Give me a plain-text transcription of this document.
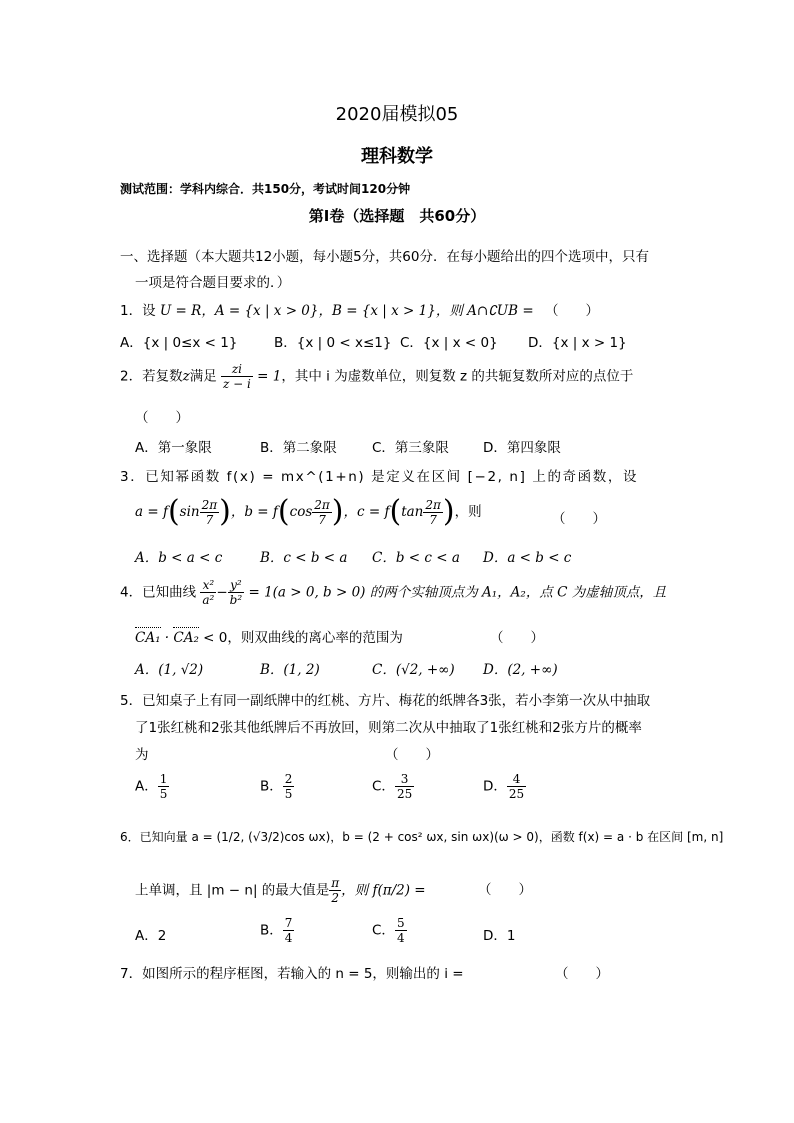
2020届模拟05
理科数学
测试范围：学科内综合．共150分，考试时间120分钟
第Ⅰ卷（选择题　共60分）
一、选择题（本大题共12小题，每小题5分，共60分．在每小题给出的四个选项中，只有
一项是符合题目要求的．）
1．设 U = R，A = {x | x > 0}，B = {x | x > 1}，则 A∩∁UB = （　　）
A．{x | 0≤x < 1}	B．{x | 0 < x≤1} C．{x | x < 0} D．{x | x > 1}
2．若复数z满足 $\frac{zi}{z - i} = 1$，其中 i 为虚数单位，则复数 z 的共轭复数所对应的点位于
（　　）
A．第一象限	B．第二象限	C．第三象限	D．第四象限
3．已知幂函数 f(x) = mx^(1+n) 是定义在区间 [−2, n] 上的奇函数，设
$a = f(\sin \frac{2\pi}{7}$ )，$b = f(\cos \frac{2\pi}{7}$ )，$c = f(\tan \frac{2\pi}{7}$ )，则	（　　）
A．b < a < c	B．c < b < a C．b < c < a D．a < b < c
4．已知曲线 $\frac{\text{x²}}{\text{a²}} - \frac{\text{y²}}{\text{b²}} = 1(a > 0$, b > 0) 的两个实轴顶点为 A₁，A₂，点 C 为虚轴顶点，且
CA₁ · CA₂ < 0，则双曲线的离心率的范围为	（　　）
A．(1, √2)	B．(1, 2)	C．(√2, +∞) D．(2, +∞)
5．已知桌子上有同一副纸牌中的红桃、方片、梅花的纸牌各3张，若小李第一次从中抽取
了1张红桃和2张其他纸牌后不再放回，则第二次从中抽取了1张红桃和2张方片的概率
为	（　　）
A． $\frac{1}{5}$	B． $\frac{2}{5}$	C． $\frac{3}{25}$	D． $\frac{4}{25}$
6．已知向量 a = (1/2, (√3/2)cos ωx)，b = (2 + cos² ωx, sin ωx)(ω > 0)，函数 f(x) = a · b 在区间 [m, n]
上单调，且 |m − n| 的最大值是 $\frac{\pi}{2}$ ，则 f(π/2) =	（　　）
A．2	B． $\frac{7}{4}$	C． $\frac{5}{4}$	D．1
7．如图所示的程序框图，若输入的 n = 5，则输出的 i =	（　　）
